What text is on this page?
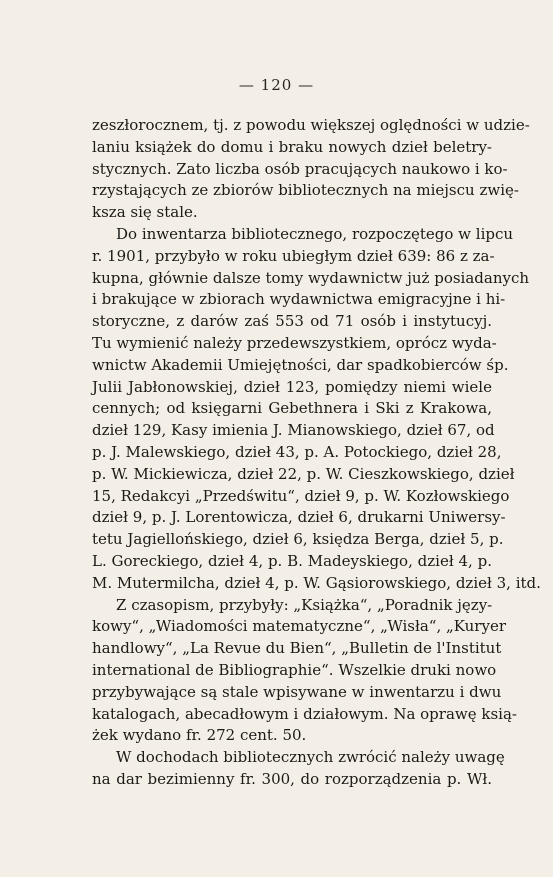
— 120 —
zeszłorocznem, tj. z powodu większej oględności w udzie-
laniu książek do domu i braku nowych dzieł beletry-
stycznych. Zato liczba osób pracujących naukowo i ko-
rzystających ze zbiorów bibliotecznych na miejscu zwię-
ksza się stale.
Do inwentarza bibliotecznego, rozpoczętego w lipcu
r. 1901, przybyło w roku ubiegłym dzieł 639: 86 z za-
kupna, głównie dalsze tomy wydawnictw już posiadanych
i brakujące w zbiorach wydawnictwa emigracyjne i hi-
storyczne, z darów zaś 553 od 71 osób i instytucyj.
Tu wymienić należy przedewszystkiem, oprócz wyda-
wnictw Akademii Umiejętności, dar spadkobierców śp.
Julii Jabłonowskiej, dzieł 123, pomiędzy niemi wiele
cennych; od księgarni Gebethnera i Ski z Krakowa,
dzieł 129, Kasy imienia J. Mianowskiego, dzieł 67, od
p. J. Malewskiego, dzieł 43, p. A. Potockiego, dzieł 28,
p. W. Mickiewicza, dzieł 22, p. W. Cieszkowskiego, dzieł
15, Redakcyi „Przedświtu“, dzieł 9, p. W. Kozłowskiego
dzieł 9, p. J. Lorentowicza, dzieł 6, drukarni Uniwersy-
tetu Jagiellońskiego, dzieł 6, księdza Berga, dzieł 5, p.
L. Goreckiego, dzieł 4, p. B. Madeyskiego, dzieł 4, p.
M. Mutermilcha, dzieł 4, p. W. Gąsiorowskiego, dzieł 3, itd.
Z czasopism, przybyły: „Książka“, „Poradnik języ-
kowy“, „Wiadomości matematyczne“, „Wisła“, „Kuryer
handlowy“, „La Revue du Bien“, „Bulletin de l'Institut
international de Bibliographie“. Wszelkie druki nowo
przybywające są stale wpisywane w inwentarzu i dwu
katalogach, abecadłowym i działowym. Na oprawę ksią-
żek wydano fr. 272 cent. 50.
W dochodach bibliotecznych zwrócić należy uwagę
na dar bezimienny fr. 300, do rozporządzenia p. Wł.
